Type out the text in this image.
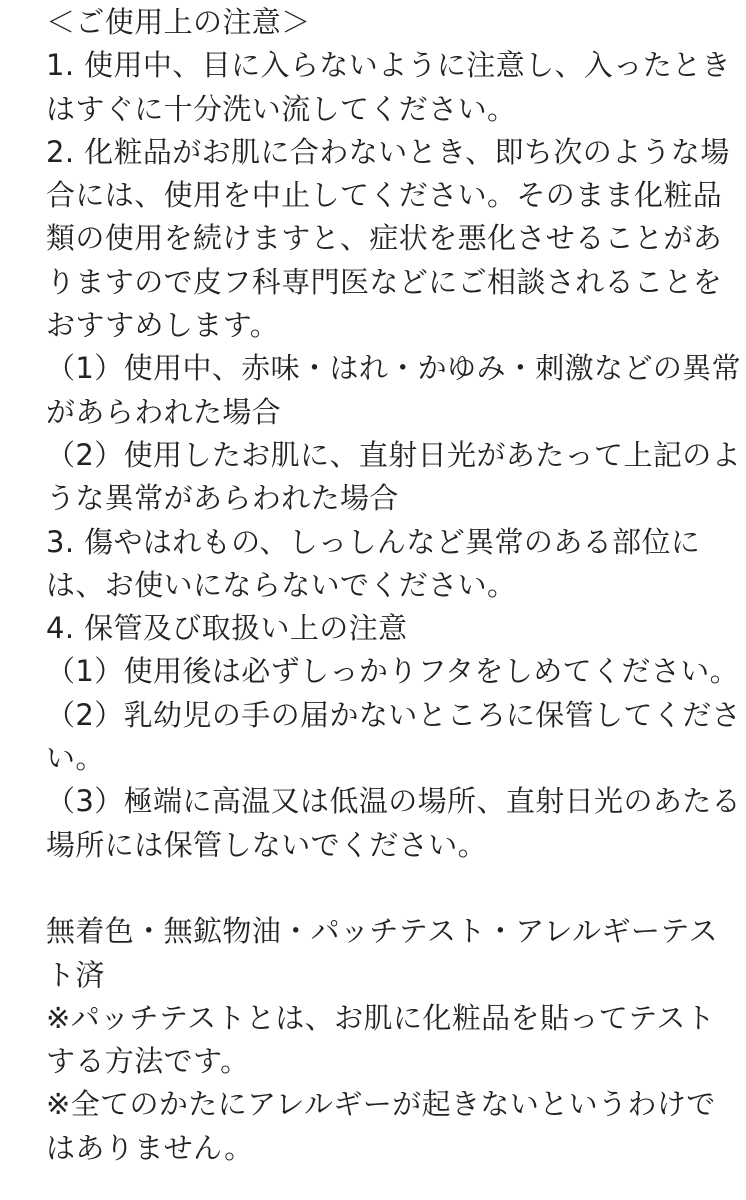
＜ご使用上の注意＞
1. 使用中、目に入らないように注意し、入ったとき
はすぐに十分洗い流してください。
2. 化粧品がお肌に合わないとき、即ち次のような場
合には、使用を中止してください。そのまま化粧品
類の使用を続けますと、症状を悪化させることがあ
りますので皮フ科専門医などにご相談されることを
おすすめします。
（1）使用中、赤味・はれ・かゆみ・刺激などの異常
があらわれた場合
（2）使用したお肌に、直射日光があたって上記のよ
うな異常があらわれた場合
3. 傷やはれもの、しっしんなど異常のある部位に
は、お使いにならないでください。
4. 保管及び取扱い上の注意
（1）使用後は必ずしっかりフタをしめてください。
（2）乳幼児の手の届かないところに保管してくださ
い。
（3）極端に高温又は低温の場所、直射日光のあたる
場所には保管しないでください。
無着色・無鉱物油・パッチテスト・アレルギーテス
ト済
※パッチテストとは、お肌に化粧品を貼ってテスト
する方法です。
※全てのかたにアレルギーが起きないというわけで
はありません。
